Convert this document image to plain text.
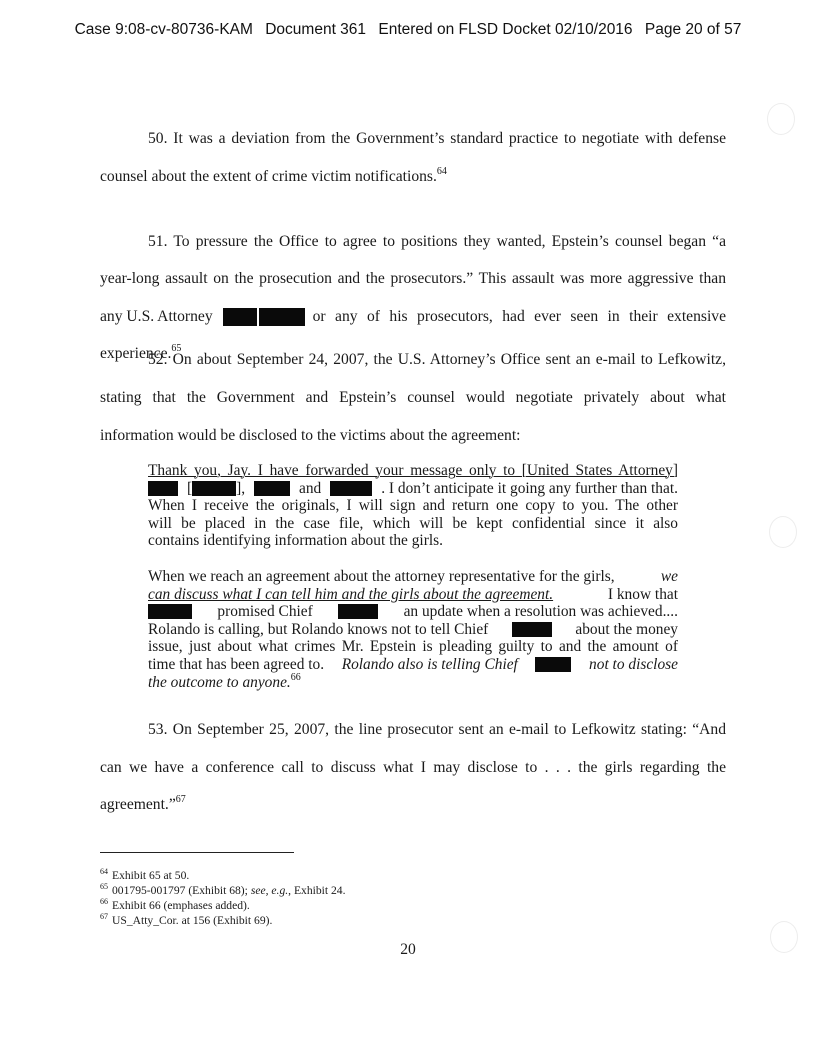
Case 9:08-cv-80736-KAM Document 361 Entered on FLSD Docket 02/10/2016 Page 20 of 57
50. It was a deviation from the Government’s standard practice to negotiate with defense
counsel about the extent of crime victim notifications.$^{64}$
51. To pressure the Office to agree to positions they wanted, Epstein’s counsel began “a
year-long assault on the prosecution and the prosecutors.” This assault was more aggressive than
any U.S. Attorney	or any of his prosecutors, had ever seen in their extensive
experience.$^{65}$
52. On about September 24, 2007, the U.S. Attorney’s Office sent an e-mail to Lefkowitz,
stating that the Government and Epstein’s counsel would negotiate privately about what
information would be disclosed to the victims about the agreement:
Thank you, Jay. I have forwarded your message only to [United States Attorney]
[	],	and	. I don’t anticipate it going any further than that.
When I receive the originals, I will sign and return one copy to you. The other
will be placed in the case file, which will be kept confidential since it also
contains identifying information about the girls.
When we reach an agreement about the attorney representative for the girls,	we
can discuss what I can tell him and the girls about the agreement.	I know that
promised Chief	an update when a resolution was achieved....
Rolando is calling, but Rolando knows not to tell Chief	about the money
issue, just about what crimes Mr. Epstein is pleading guilty to and the amount of
time that has been agreed to. Rolando also is telling Chief	not to disclose
the outcome to anyone.$^{66}$
53. On September 25, 2007, the line prosecutor sent an e-mail to Lefkowitz stating: “And
can we have a conference call to discuss what I may disclose to . . . the girls regarding the
agreement.”$^{67}$
$^{64}$ Exhibit 65 at 50.
$^{65}$ 001795-001797 (Exhibit 68); see, e.g., Exhibit 24.
$^{66}$ Exhibit 66 (emphases added).
$^{67}$ US_Atty_Cor. at 156 (Exhibit 69).
20
